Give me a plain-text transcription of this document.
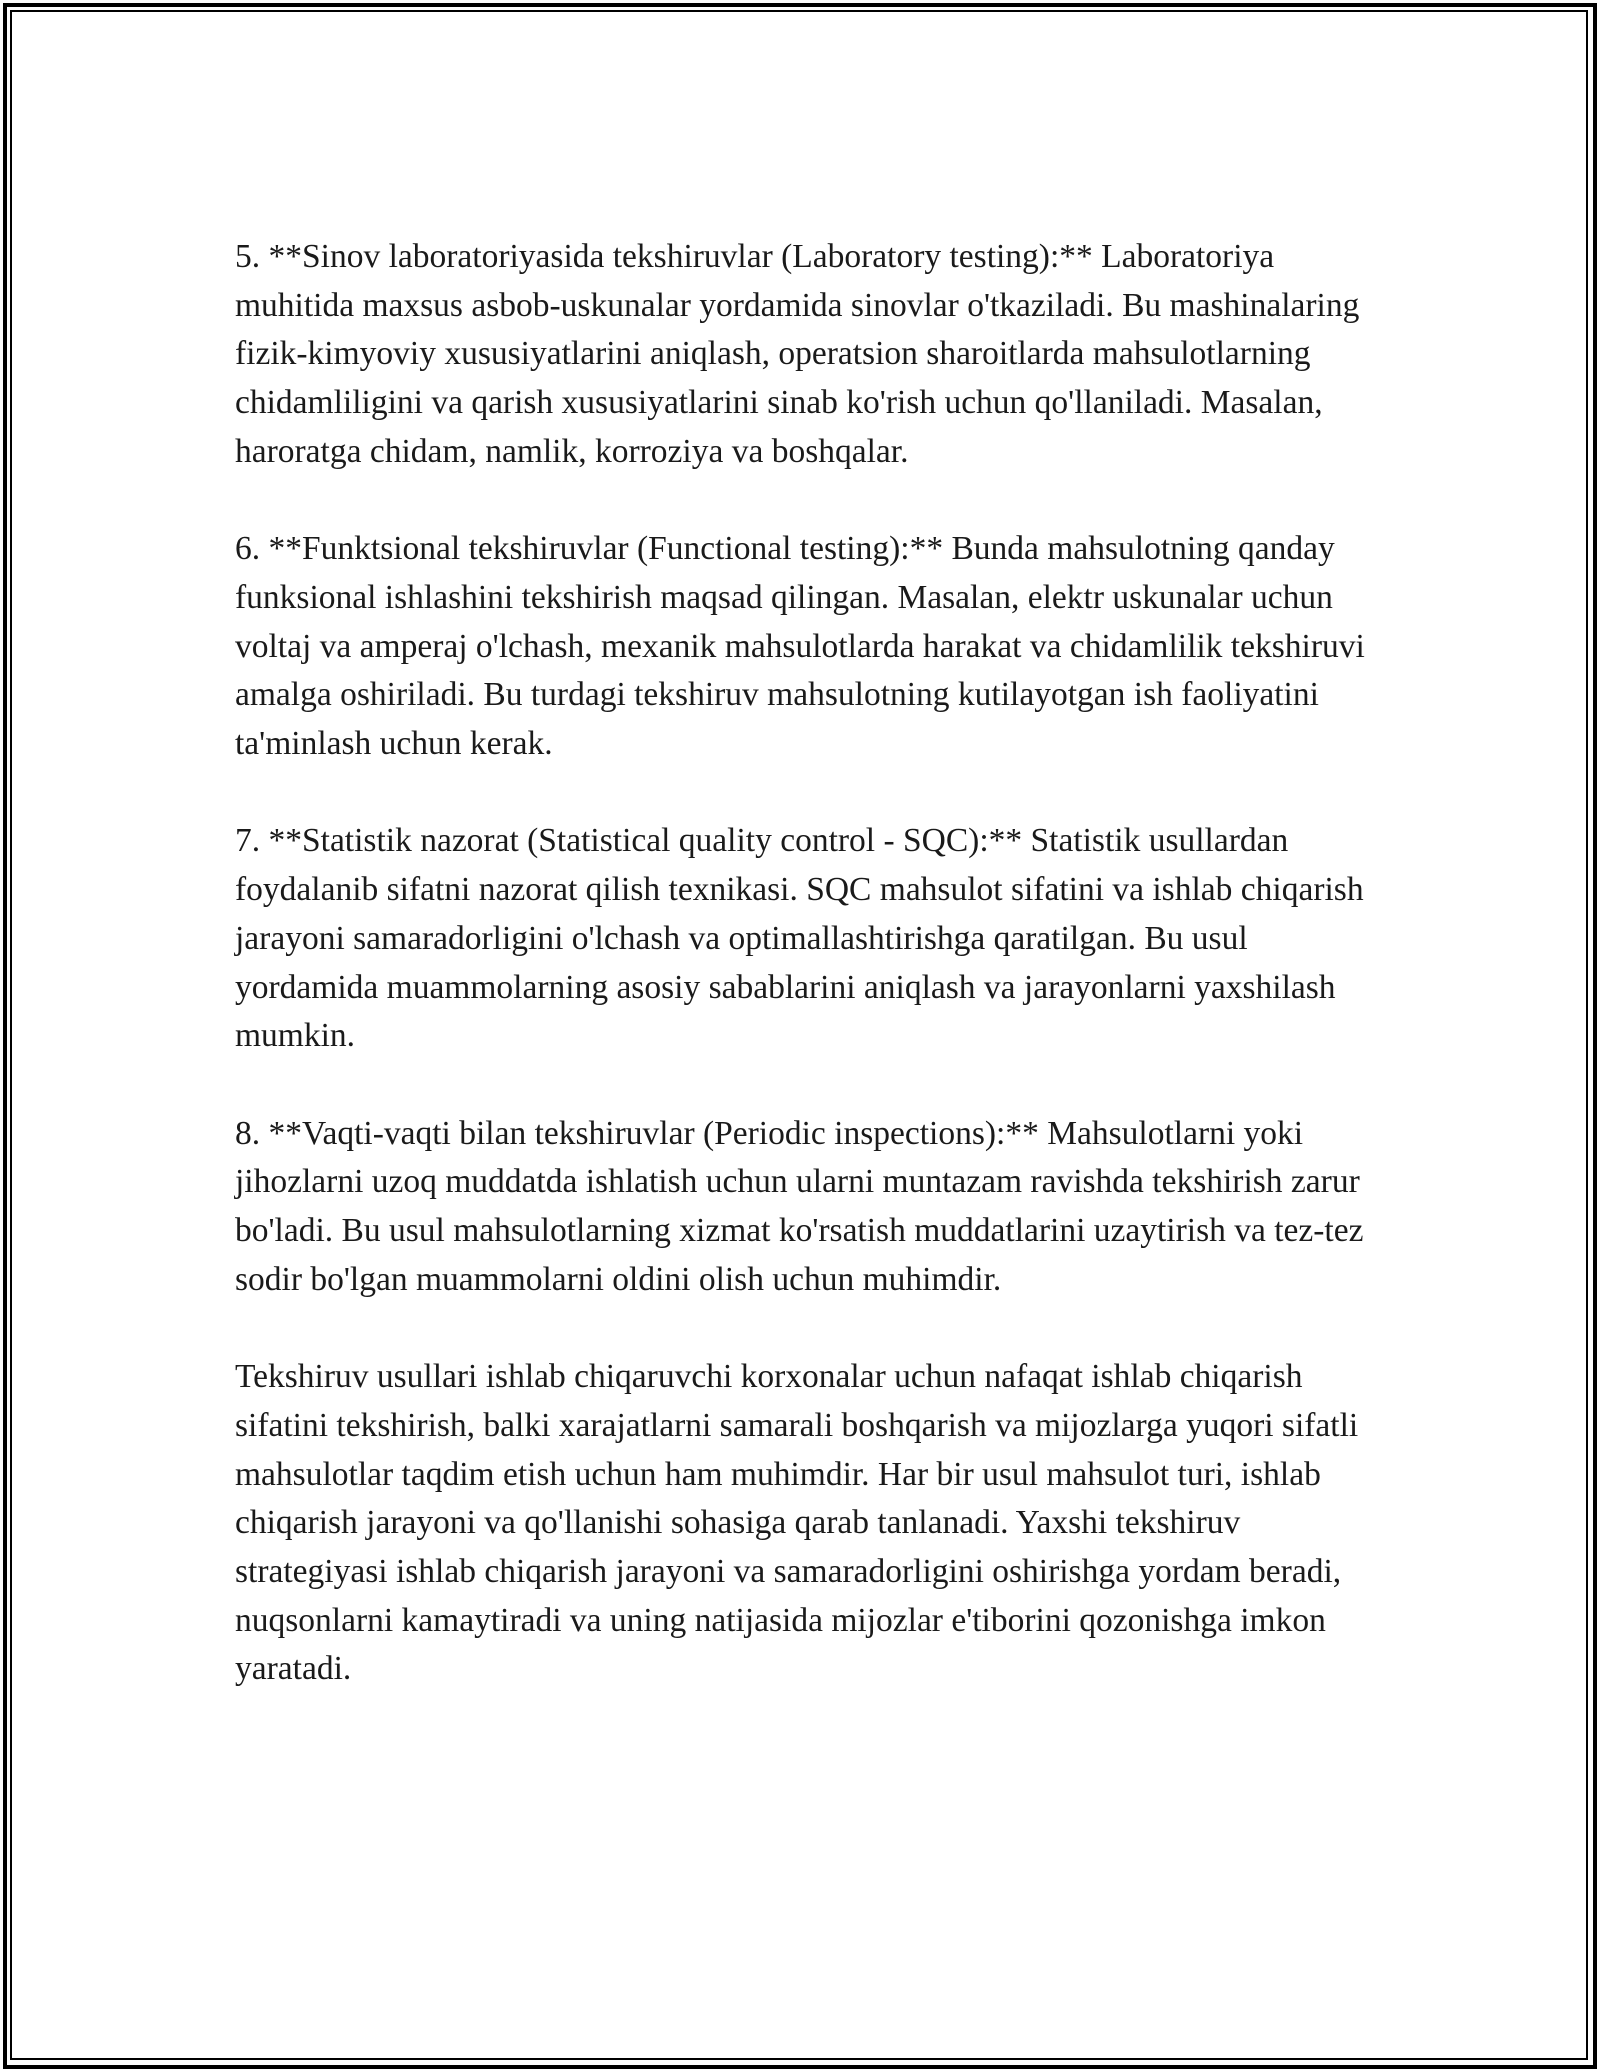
5. **Sinov laboratoriyasida tekshiruvlar (Laboratory testing):** Laboratoriya muhitida maxsus asbob-uskunalar yordamida sinovlar o'tkaziladi. Bu mashinalaring fizik-kimyoviy xususiyatlarini aniqlash, operatsion sharoitlarda mahsulotlarning chidamliligini va qarish xususiyatlarini sinab ko'rish uchun qo'llaniladi. Masalan, haroratga chidam, namlik, korroziya va boshqalar.

6. **Funktsional tekshiruvlar (Functional testing):** Bunda mahsulotning qanday funksional ishlashini tekshirish maqsad qilingan. Masalan, elektr uskunalar uchun voltaj va amperaj o'lchash, mexanik mahsulotlarda harakat va chidamlilik tekshiruvi amalga oshiriladi. Bu turdagi tekshiruv mahsulotning kutilayotgan ish faoliyatini ta'minlash uchun kerak.

7. **Statistik nazorat (Statistical quality control - SQC):** Statistik usullardan foydalanib sifatni nazorat qilish texnikasi. SQC mahsulot sifatini va ishlab chiqarish jarayoni samaradorligini o'lchash va optimallashtirishga qaratilgan. Bu usul yordamida muammolarning asosiy sabablarini aniqlash va jarayonlarni yaxshilash mumkin.

8. **Vaqti-vaqti bilan tekshiruvlar (Periodic inspections):** Mahsulotlarni yoki jihozlarni uzoq muddatda ishlatish uchun ularni muntazam ravishda tekshirish zarur bo'ladi. Bu usul mahsulotlarning xizmat ko'rsatish muddatlarini uzaytirish va tez-tez sodir bo'lgan muammolarni oldini olish uchun muhimdir.

Tekshiruv usullari ishlab chiqaruvchi korxonalar uchun nafaqat ishlab chiqarish sifatini tekshirish, balki xarajatlarni samarali boshqarish va mijozlarga yuqori sifatli mahsulotlar taqdim etish uchun ham muhimdir. Har bir usul mahsulot turi, ishlab chiqarish jarayoni va qo'llanishi sohasiga qarab tanlanadi. Yaxshi tekshiruv strategiyasi ishlab chiqarish jarayoni va samaradorligini oshirishga yordam beradi, nuqsonlarni kamaytiradi va uning natijasida mijozlar e'tiborini qozonishga imkon yaratadi.
